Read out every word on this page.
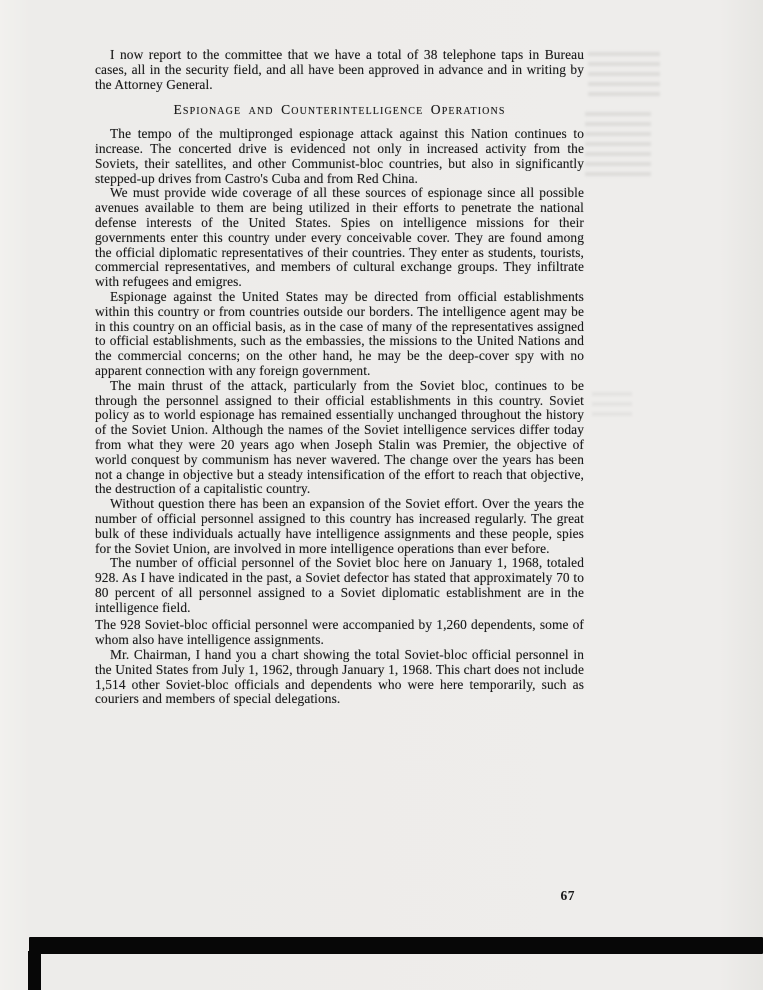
I now report to the committee that we have a total of 38 telephone taps in Bureau cases, all in the security field, and all have been approved in advance and in writing by the Attorney General.

Espionage and Counterintelligence Operations

The tempo of the multipronged espionage attack against this Nation continues to increase. The concerted drive is evidenced not only in increased activity from the Soviets, their satellites, and other Communist-bloc countries, but also in significantly stepped-up drives from Castro's Cuba and from Red China.

We must provide wide coverage of all these sources of espionage since all possible avenues available to them are being utilized in their efforts to penetrate the national defense interests of the United States. Spies on intelligence missions for their governments enter this country under every conceivable cover. They are found among the official diplomatic representatives of their countries. They enter as students, tourists, commercial representatives, and members of cultural exchange groups. They infiltrate with refugees and emigres.

Espionage against the United States may be directed from official establishments within this country or from countries outside our borders. The intelligence agent may be in this country on an official basis, as in the case of many of the representatives assigned to official establishments, such as the embassies, the missions to the United Nations and the commercial concerns; on the other hand, he may be the deep-cover spy with no apparent connection with any foreign government.

The main thrust of the attack, particularly from the Soviet bloc, continues to be through the personnel assigned to their official establishments in this country. Soviet policy as to world espionage has remained essentially unchanged throughout the history of the Soviet Union. Although the names of the Soviet intelligence services differ today from what they were 20 years ago when Joseph Stalin was Premier, the objective of world conquest by communism has never wavered. The change over the years has been not a change in objective but a steady intensification of the effort to reach that objective, the destruction of a capitalistic country.

Without question there has been an expansion of the Soviet effort. Over the years the number of official personnel assigned to this country has increased regularly. The great bulk of these individuals actually have intelligence assignments and these people, spies for the Soviet Union, are involved in more intelligence operations than ever before.

The number of official personnel of the Soviet bloc here on January 1, 1968, totaled 928. As I have indicated in the past, a Soviet defector has stated that approximately 70 to 80 percent of all personnel assigned to a Soviet diplomatic establishment are in the intelligence field.

The 928 Soviet-bloc official personnel were accompanied by 1,260 dependents, some of whom also have intelligence assignments.

Mr. Chairman, I hand you a chart showing the total Soviet-bloc official personnel in the United States from July 1, 1962, through January 1, 1968. This chart does not include 1,514 other Soviet-bloc officials and dependents who were here temporarily, such as couriers and members of special delegations.

67
